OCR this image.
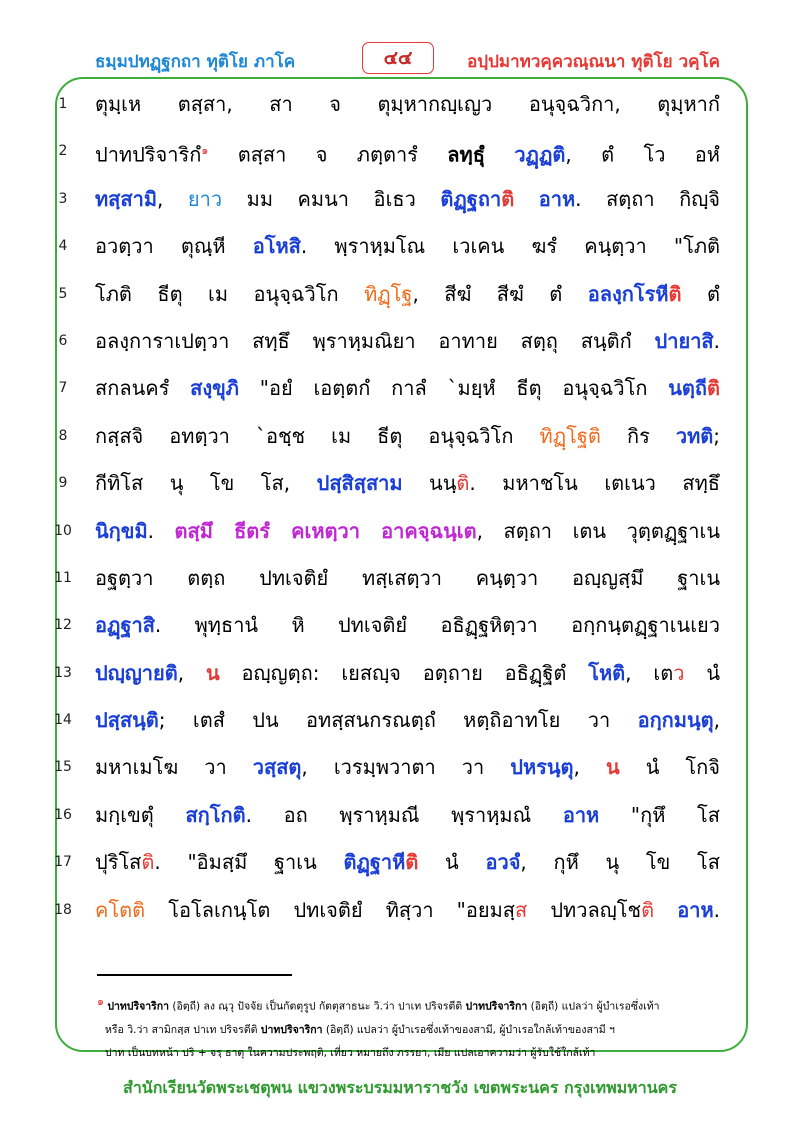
ธมฺมปทฏฺฐกถา ทุติโย ภาโค	๔๔	อปฺปมาทวคฺควณฺณนา ทุติโย วคฺโค
1	ตุมฺเห ตสฺสา, สา จ ตุมฺหากญฺเญว อนุจฺฉวิกา, ตุมฺหากํ
2	ปาทปริจาริกํ$^๑$ ตสฺสา จ ภตฺตารํ ลทฺธุํ วฏฺฏติ, ตํ โว อหํ
3	ทสฺสามิ, ยาว มม คมนา อิเธว ติฏฺฐถาติ อาห. สตฺถา กิญฺจิ
4	อวตฺวา ตุณฺหี อโหสิ. พฺราหฺมโณ เวเคน ฆรํ คนฺตฺวา "โภติ
5	โภติ ธีตุ เม อนุจฺฉวิโก ทิฏฺโฐ, สีฆํ สีฆํ ตํ อลงฺกโรหีติ ตํ
6	อลงฺการาเปตฺวา สทฺธึ พฺราหฺมณิยา อาทาย สตฺถุ สนฺติกํ ปายาสิ.
7	สกลนครํ สงฺขุภิ "อยํ เอตฺตกํ กาลํ `มยฺหํ ธีตุ อนุจฺฉวิโก นตฺถีติ
8	กสฺสจิ อทตฺวา `อชฺช เม ธีตุ อนุจฺฉวิโก ทิฏฺโฐติ กิร วทติ;
9	กีทิโส นุ โข โส, ปสฺสิสฺสาม นนฺติ. มหาชโน เตเนว สทฺธึ
10	นิกฺขมิ. ตสฺมึ ธีตรํ คเหตฺวา อาคจฺฉนฺเต, สตฺถา เตน วุตฺตฏฺฐาเน
11	อฐตฺวา ตตฺถ ปทเจติยํ ทสฺเสตฺวา คนฺตฺวา อญฺญสฺมึ ฐาเน
12	อฏฺฐาสิ. พุทฺธานํ หิ ปทเจติยํ อธิฏฺฐหิตฺวา อกฺกนฺตฏฺฐาเนเยว
13	ปญฺญายติ, น อญฺญตฺถ: เยสญฺจ อตฺถาย อธิฏฺฐิตํ โหติ, เตว นํ
14	ปสฺสนฺติ; เตสํ ปน อทสฺสนกรณตฺถํ หตฺถิอาทโย วา อกฺกมนฺตุ,
15	มหาเมโฆ วา วสฺสตุ, เวรมฺพวาตา วา ปหรนฺตุ, น นํ โกจิ
16	มกฺเขตุํ สกฺโกติ. อถ พฺราหฺมณี พฺราหฺมณํ อาห "กุหึ โส
17	ปุริโสติ. "อิมสฺมึ ฐาเน ติฏฺฐาหีติ นํ อวจํ, กุหึ นุ โข โส
18	คโตติ โอโลเกนฺโต ปทเจติยํ ทิสฺวา "อยมสฺส ปทวลญฺโชติ อาห.
$^๑$ ปาทปริจาริกา (อิตฺถี) ลง ณฺวุ ปัจจัย เป็นกัตตุรูป กัตตุสาธนะ วิ.ว่า ปาเท ปริจรตีติ ปาทปริจาริกา (อิตฺถี) แปลว่า ผู้บำเรอซึ่งเท้า
หรือ วิ.ว่า สามิกสฺส ปาเท ปริจรตีติ ปาทปริจาริกา (อิตฺถี) แปลว่า ผู้บำเรอซึ่งเท้าของสามี, ผู้บำเรอใกล้เท้าของสามี ฯ
ปาท เป็นบทหน้า ปริ + จรฺ ธาตุ ในความประพฤติ, เที่ยว หมายถึง ภรรยา, เมีย แปลเอาความว่า ผู้รับใช้ใกล้เท้า
สำนักเรียนวัดพระเชตุพน แขวงพระบรมมหาราชวัง เขตพระนคร กรุงเทพมหานคร
